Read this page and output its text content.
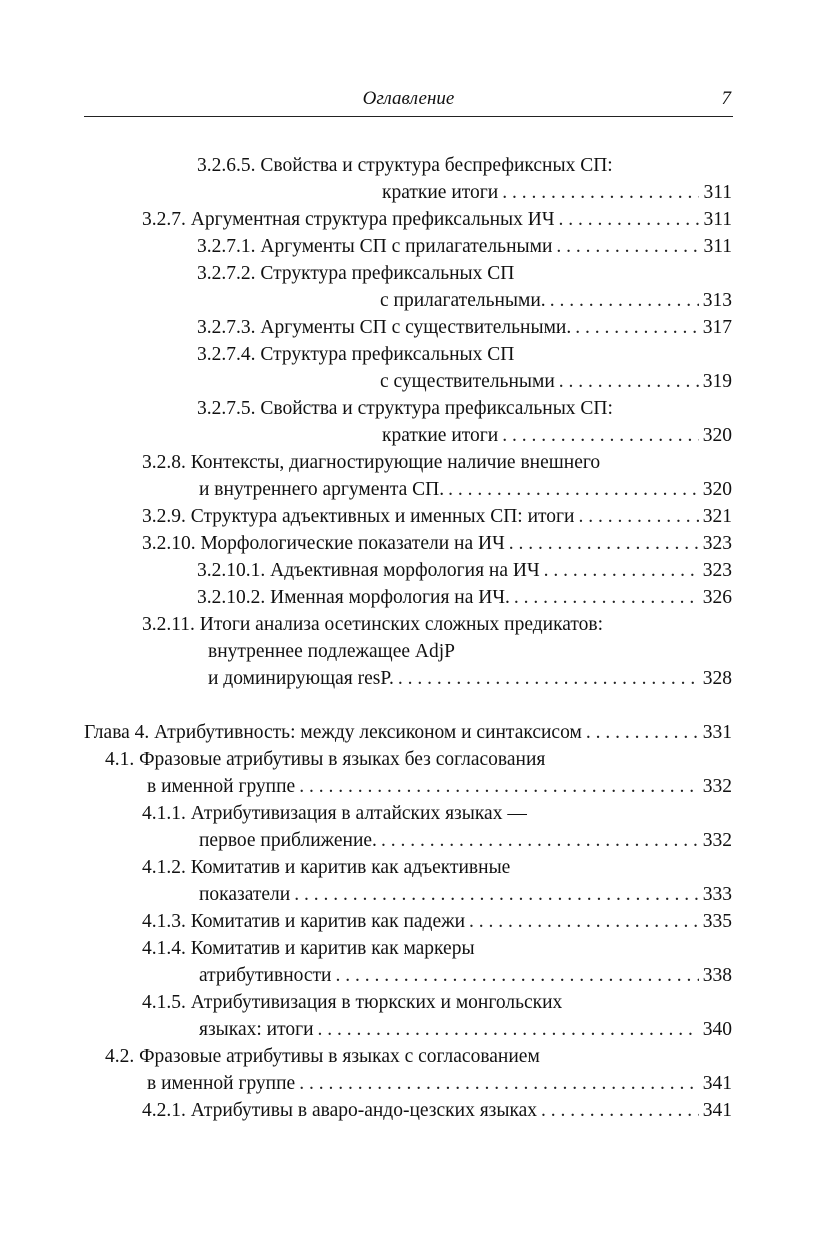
Оглавление	7
3.2.6.5. Свойства и структура беспрефиксных СП:
краткие итоги . . .	311
3.2.7. Аргументная структура префиксальных ИЧ . . .	311
3.2.7.1. Аргументы СП с прилагательными . . .	311
3.2.7.2. Структура префиксальных СП
с прилагательными. . . .	313
3.2.7.3. Аргументы СП с существительными. . . .	317
3.2.7.4. Структура префиксальных СП
с существительными . . .	319
3.2.7.5. Свойства и структура префиксальных СП:
краткие итоги . . .	320
3.2.8. Контексты, диагностирующие наличие внешнего
и внутреннего аргумента СП. . . .	320
3.2.9. Структура адъективных и именных СП: итоги . . .	321
3.2.10. Морфологические показатели на ИЧ . . .	323
3.2.10.1. Адъективная морфология на ИЧ . . .	323
3.2.10.2. Именная морфология на ИЧ. . . .	326
3.2.11. Итоги анализа осетинских сложных предикатов:
внутреннее подлежащее AdjP
и доминирующая resP. . . .	328
Глава 4. Атрибутивность: между лексиконом и синтаксисом . . .	331
4.1. Фразовые атрибутивы в языках без согласования
в именной группе . . .	332
4.1.1. Атрибутивизация в алтайских языках —
первое приближение. . . .	332
4.1.2. Комитатив и каритив как адъективные
показатели . . .	333
4.1.3. Комитатив и каритив как падежи . . .	335
4.1.4. Комитатив и каритив как маркеры
атрибутивности . . .	338
4.1.5. Атрибутивизация в тюркских и монгольских
языках: итоги . . .	340
4.2. Фразовые атрибутивы в языках с согласованием
в именной группе . . .	341
4.2.1. Атрибутивы в аваро-андо-цезских языках . . .	341
